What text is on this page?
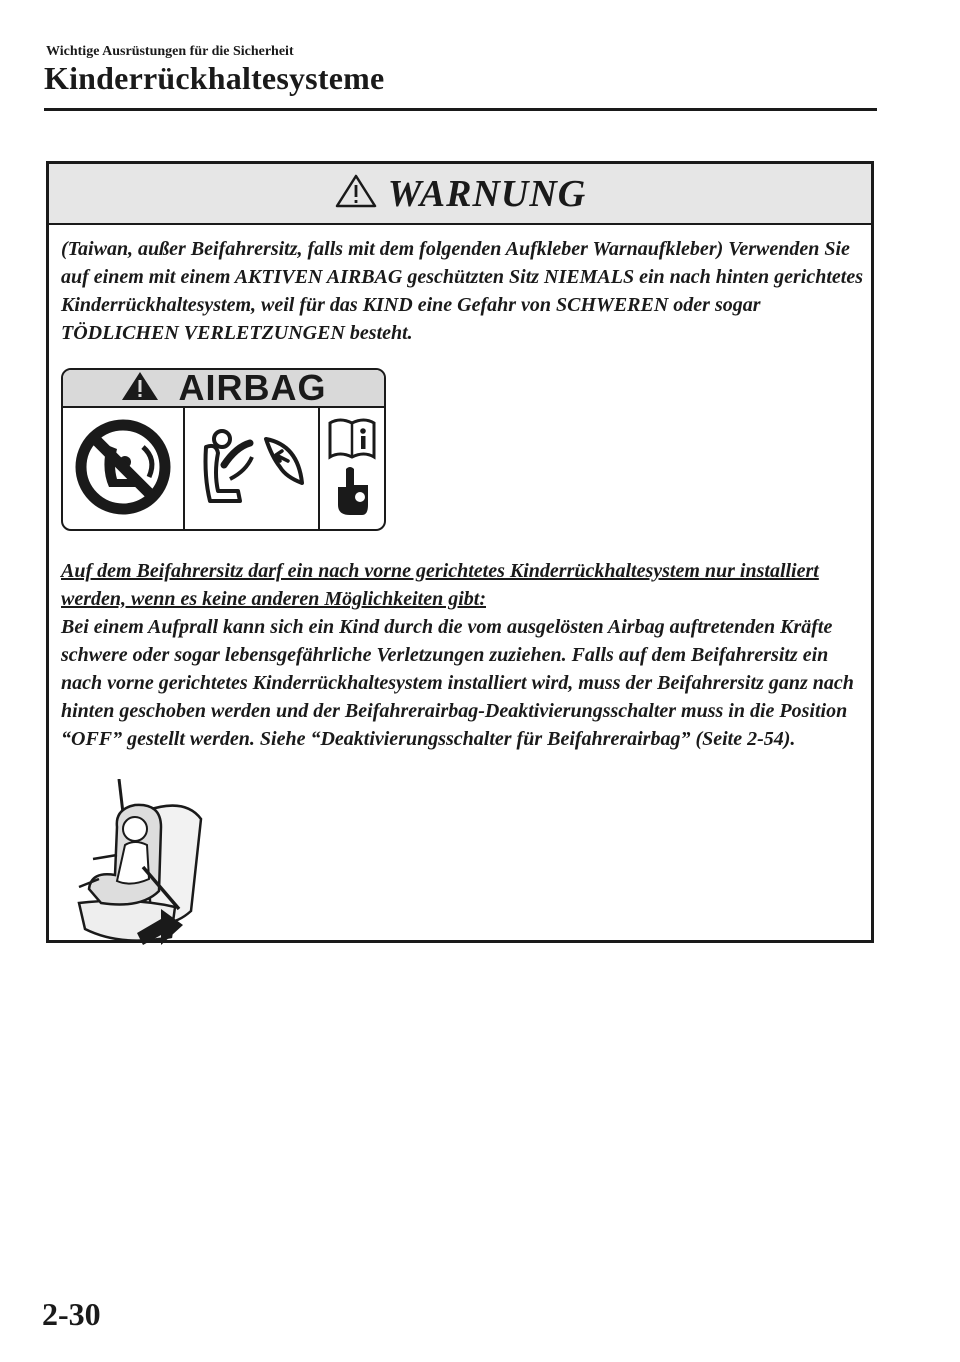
Wichtige Ausrüstungen für die Sicherheit
Kinderrückhaltesysteme
WARNUNG

(Taiwan, außer Beifahrersitz, falls mit dem folgenden Aufkleber Warnaufkleber) Verwenden Sie auf einem mit einem AKTIVEN AIRBAG geschützten Sitz NIEMALS ein nach hinten gerichtetes Kinderrückhaltesystem, weil für das KIND eine Gefahr von SCHWEREN oder sogar TÖDLICHEN VERLETZUNGEN besteht.

AIRBAG

Auf dem Beifahrersitz darf ein nach vorne gerichtetes Kinderrückhaltesystem nur installiert werden, wenn es keine anderen Möglichkeiten gibt:

Bei einem Aufprall kann sich ein Kind durch die vom ausgelösten Airbag auftretenden Kräfte schwere oder sogar lebensgefährliche Verletzungen zuziehen. Falls auf dem Beifahrersitz ein nach vorne gerichtetes Kinderrückhaltesystem installiert wird, muss der Beifahrersitz ganz nach hinten geschoben werden und der Beifahrerairbag-Deaktivierungsschalter muss in die Position “OFF” gestellt werden. Siehe “Deaktivierungsschalter für Beifahrerairbag” (Seite 2-54).

2-30
